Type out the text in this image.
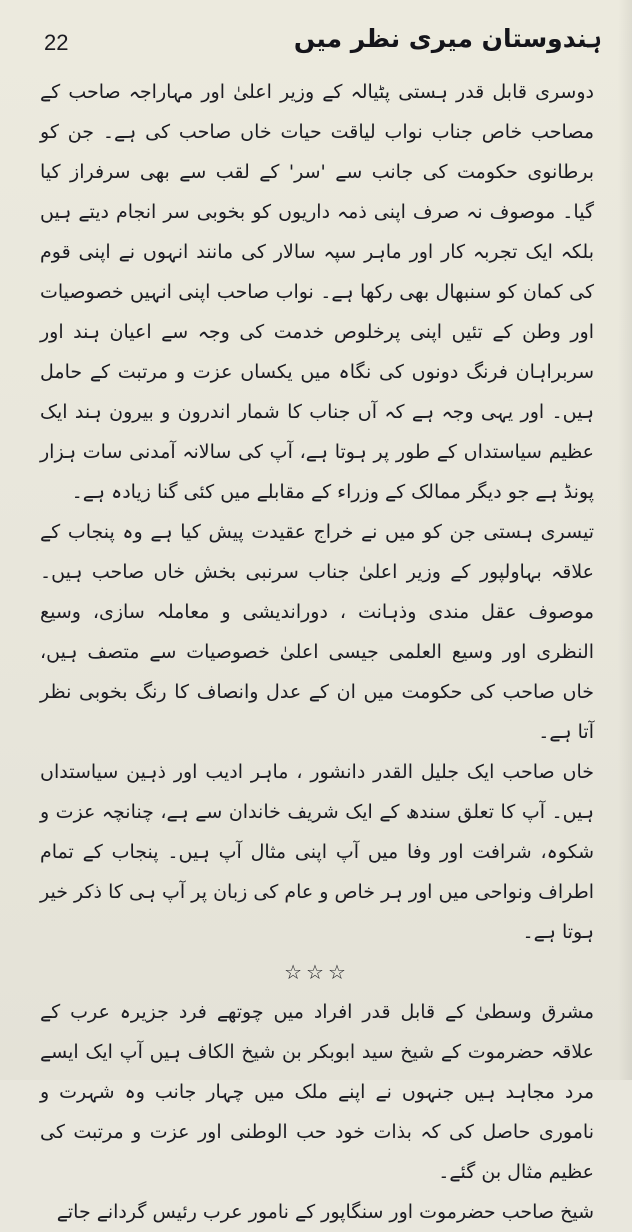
22	ہندوستان میری نظر میں

دوسری قابل قدر ہستی پٹیالہ کے وزیر اعلیٰ اور مہاراجہ صاحب کے مصاحب خاص جناب نواب لیاقت حیات خاں صاحب کی ہے۔ جن کو برطانوی حکومت کی جانب سے 'سر' کے لقب سے بھی سرفراز کیا گیا۔ موصوف نہ صرف اپنی ذمہ داریوں کو بخوبی سر انجام دیتے ہیں بلکہ ایک تجربہ کار اور ماہر سپہ سالار کی مانند انہوں نے اپنی قوم کی کمان کو سنبھال بھی رکھا ہے۔ نواب صاحب اپنی انہیں خصوصیات اور وطن کے تئیں اپنی پرخلوص خدمت کی وجہ سے اعیان ہند اور سربراہان فرنگ دونوں کی نگاہ میں یکساں عزت و مرتبت کے حامل ہیں۔ اور یہی وجہ ہے کہ آں جناب کا شمار اندرون و بیرون ہند ایک عظیم سیاستداں کے طور پر ہوتا ہے، آپ کی سالانہ آمدنی سات ہزار پونڈ ہے جو دیگر ممالک کے وزراء کے مقابلے میں کئی گنا زیادہ ہے۔

تیسری ہستی جن کو میں نے خراج عقیدت پیش کیا ہے وہ پنجاب کے علاقہ بہاولپور کے وزیر اعلیٰ جناب سرنبی بخش خاں صاحب ہیں۔ موصوف عقل مندی وذہانت ، دوراندیشی و معاملہ سازی، وسیع النظری اور وسیع العلمی جیسی اعلیٰ خصوصیات سے متصف ہیں، خاں صاحب کی حکومت میں ان کے عدل وانصاف کا رنگ بخوبی نظر آتا ہے۔

خاں صاحب ایک جلیل القدر دانشور ، ماہر ادیب اور ذہین سیاستداں ہیں۔ آپ کا تعلق سندھ کے ایک شریف خاندان سے ہے، چنانچہ عزت و شکوہ، شرافت اور وفا میں آپ اپنی مثال آپ ہیں۔ پنجاب کے تمام اطراف ونواحی میں اور ہر خاص و عام کی زبان پر آپ ہی کا ذکر خیر ہوتا ہے۔

☆☆☆

مشرق وسطیٰ کے قابل قدر افراد میں چوتھے فرد جزیرہ عرب کے علاقہ حضرموت کے شیخ سید ابوبکر بن شیخ الکاف ہیں آپ ایک ایسے مرد مجاہد ہیں جنہوں نے اپنے ملک میں چہار جانب وہ شہرت و ناموری حاصل کی کہ بذات خود حب الوطنی اور عزت و مرتبت کی عظیم مثال بن گئے۔

شیخ صاحب حضرموت اور سنگاپور کے نامور عرب رئیس گردانے جاتے
